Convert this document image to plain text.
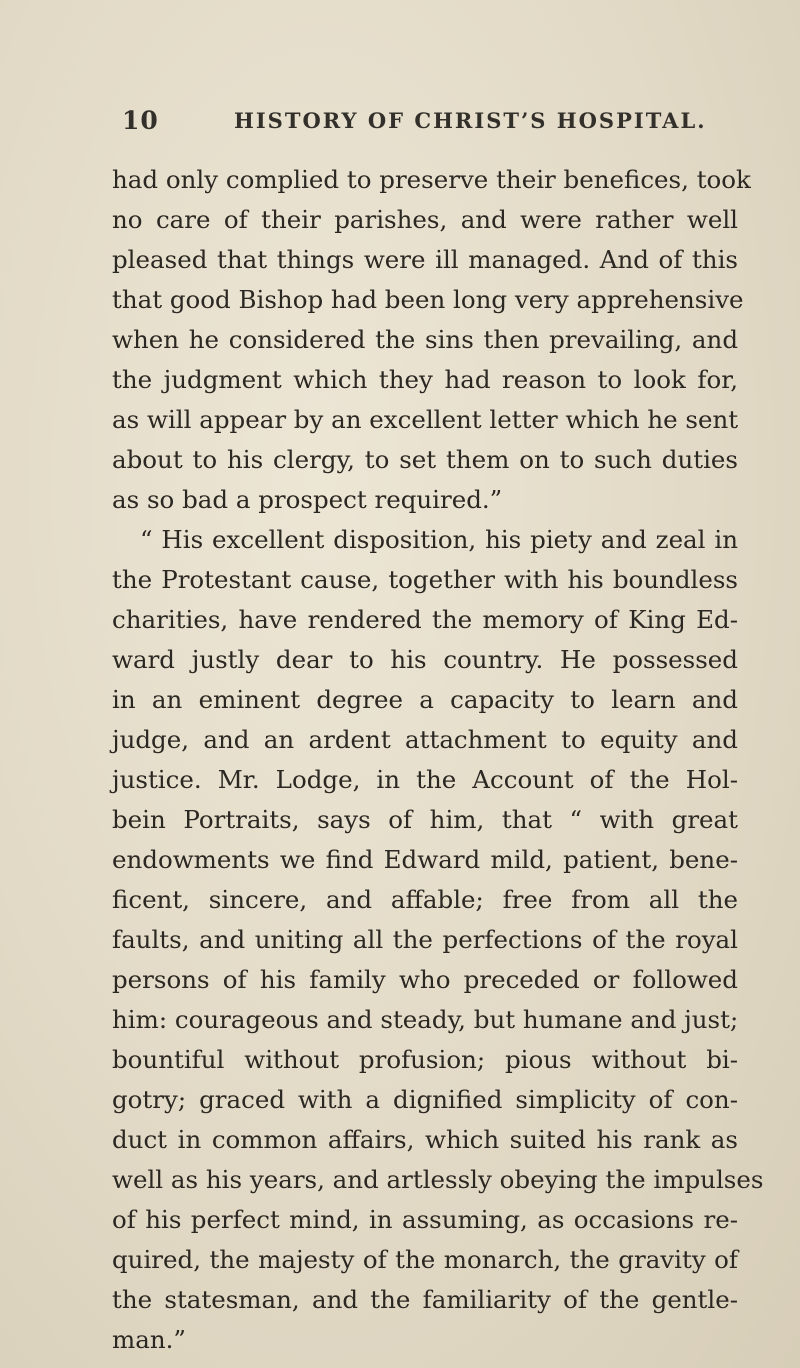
10	HISTORY OF CHRIST’S HOSPITAL.
had only complied to preserve their benefices, took
no care of their parishes, and were rather well
pleased that things were ill managed. And of this
that good Bishop had been long very apprehensive
when he considered the sins then prevailing, and
the judgment which they had reason to look for,
as will appear by an excellent letter which he sent
about to his clergy, to set them on to such duties
as so bad a prospect required.”
“ His excellent disposition, his piety and zeal in
the Protestant cause, together with his boundless
charities, have rendered the memory of King Ed-
ward justly dear to his country. He possessed
in an eminent degree a capacity to learn and
judge, and an ardent attachment to equity and
justice. Mr. Lodge, in the Account of the Hol-
bein Portraits, says of him, that “ with great
endowments we find Edward mild, patient, bene-
ficent, sincere, and affable; free from all the
faults, and uniting all the perfections of the royal
persons of his family who preceded or followed
him: courageous and steady, but humane and just;
bountiful without profusion; pious without bi-
gotry; graced with a dignified simplicity of con-
duct in common affairs, which suited his rank as
well as his years, and artlessly obeying the impulses
of his perfect mind, in assuming, as occasions re-
quired, the majesty of the monarch, the gravity of
the statesman, and the familiarity of the gentle-
man.”
